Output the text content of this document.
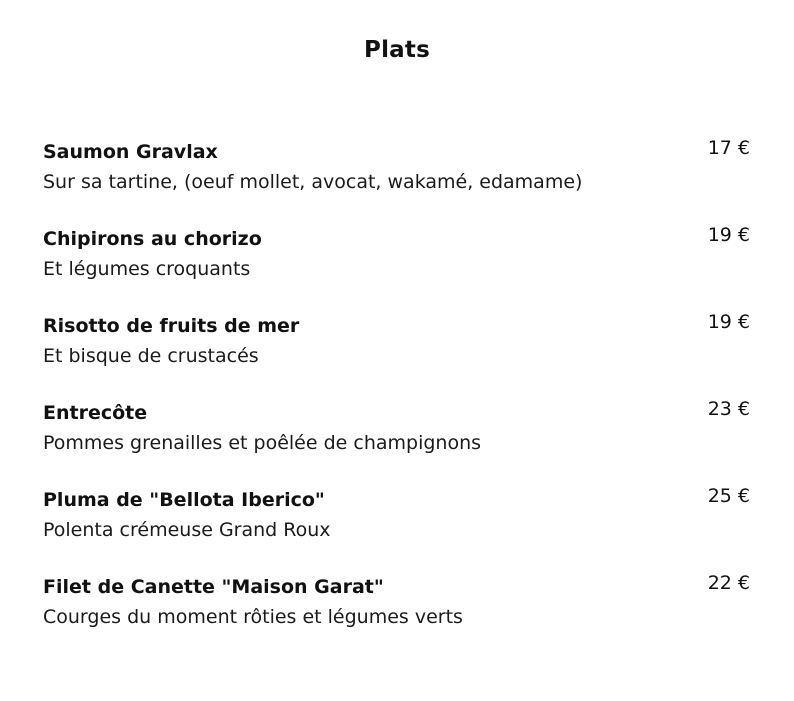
Plats
Saumon Gravlax
Sur sa tartine, (oeuf mollet, avocat, wakamé, edamame)
17 €
Chipirons au chorizo
Et légumes croquants
19 €
Risotto de fruits de mer
Et bisque de crustacés
19 €
Entrecôte
Pommes grenailles et poêlée de champignons
23 €
Pluma de "Bellota Iberico"
Polenta crémeuse Grand Roux
25 €
Filet de Canette "Maison Garat"
Courges du moment rôties et légumes verts
22 €
